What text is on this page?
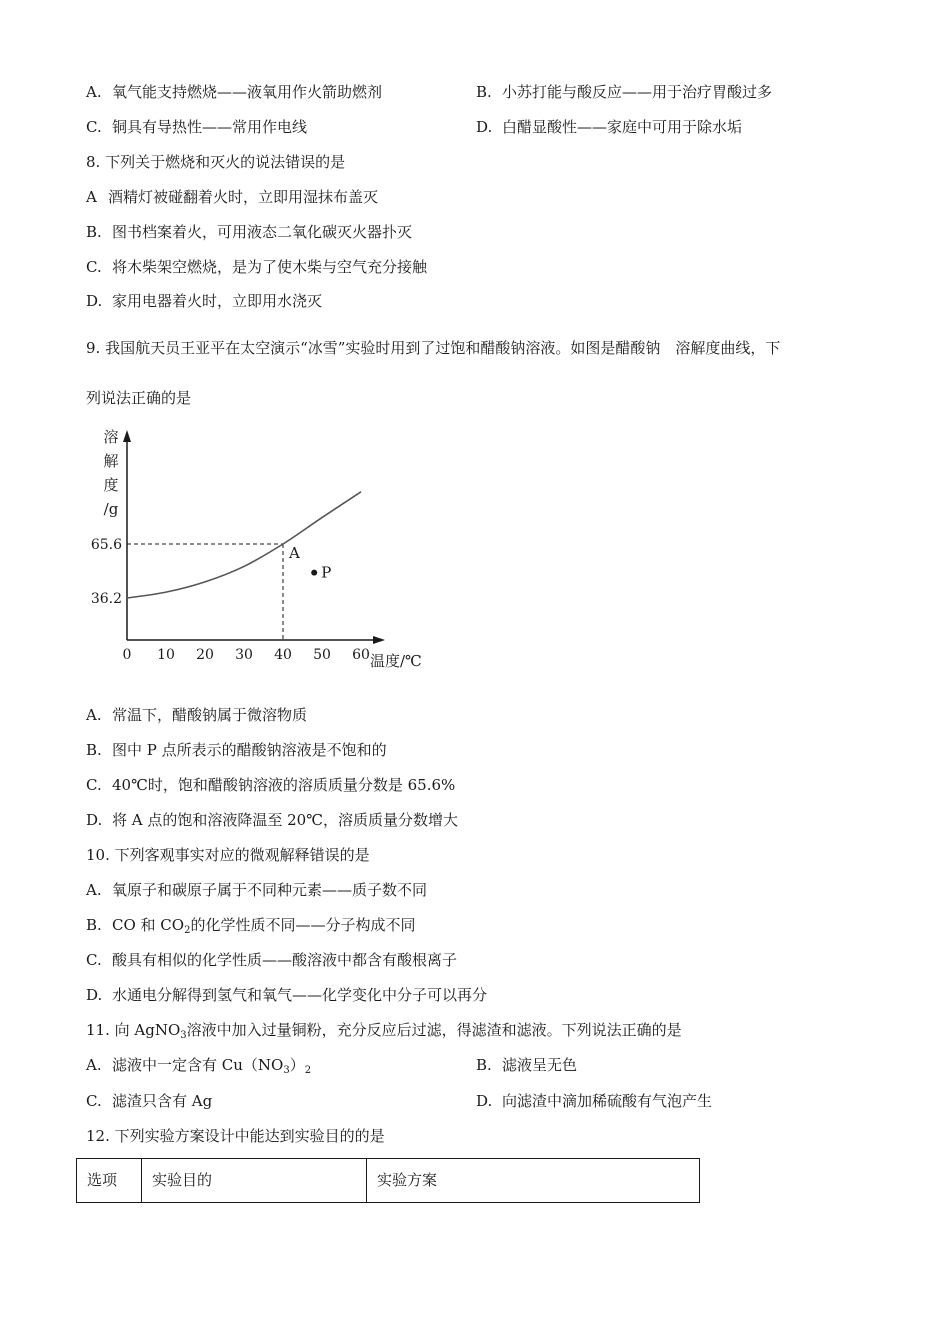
A. 氧气能支持燃烧——液氧用作火箭助燃剂	B. 小苏打能与酸反应——用于治疗胃酸过多
C. 铜具有导热性——常用作电线	D. 白醋显酸性——家庭中可用于除水垢
8. 下列关于燃烧和灭火的说法错误的是
A 酒精灯被碰翻着火时，立即用湿抹布盖灭
B. 图书档案着火，可用液态二氧化碳灭火器扑灭
C. 将木柴架空燃烧，是为了使木柴与空气充分接触
D. 家用电器着火时，立即用水浇灭
9. 我国航天员王亚平在太空演示“冰雪”实验时用到了过饱和醋酸钠溶液。如图是醋酸钠　溶解度曲线，下
列说法正确的是
溶
解
度
/g
0 10 20 30 40 50 60
36.2
65.6	A
P
温度/℃
A. 常温下，醋酸钠属于微溶物质
B. 图中 P 点所表示的醋酸钠溶液是不饱和的
C. 40℃时，饱和醋酸钠溶液的溶质质量分数是 65.6%
D. 将 A 点的饱和溶液降温至 20℃，溶质质量分数增大
10. 下列客观事实对应的微观解释错误的是
A. 氧原子和碳原子属于不同种元素——质子数不同
B. CO 和 $CO_2$的化学性质不同——分子构成不同
C. 酸具有相似的化学性质——酸溶液中都含有酸根离子
D. 水通电分解得到氢气和氧气——化学变化中分子可以再分
11. 向 AgNO$_3$溶液中加入过量铜粉，充分反应后过滤，得滤渣和滤液。下列说法正确的是
A. 滤液中一定含有 $Cu(NO_3)_2$	B. 滤液呈无色
C. 滤渣只含有 Ag	D. 向滤渣中滴加稀硫酸有气泡产生
12. 下列实验方案设计中能达到实验目的的是
选项	实验目的	实验方案
